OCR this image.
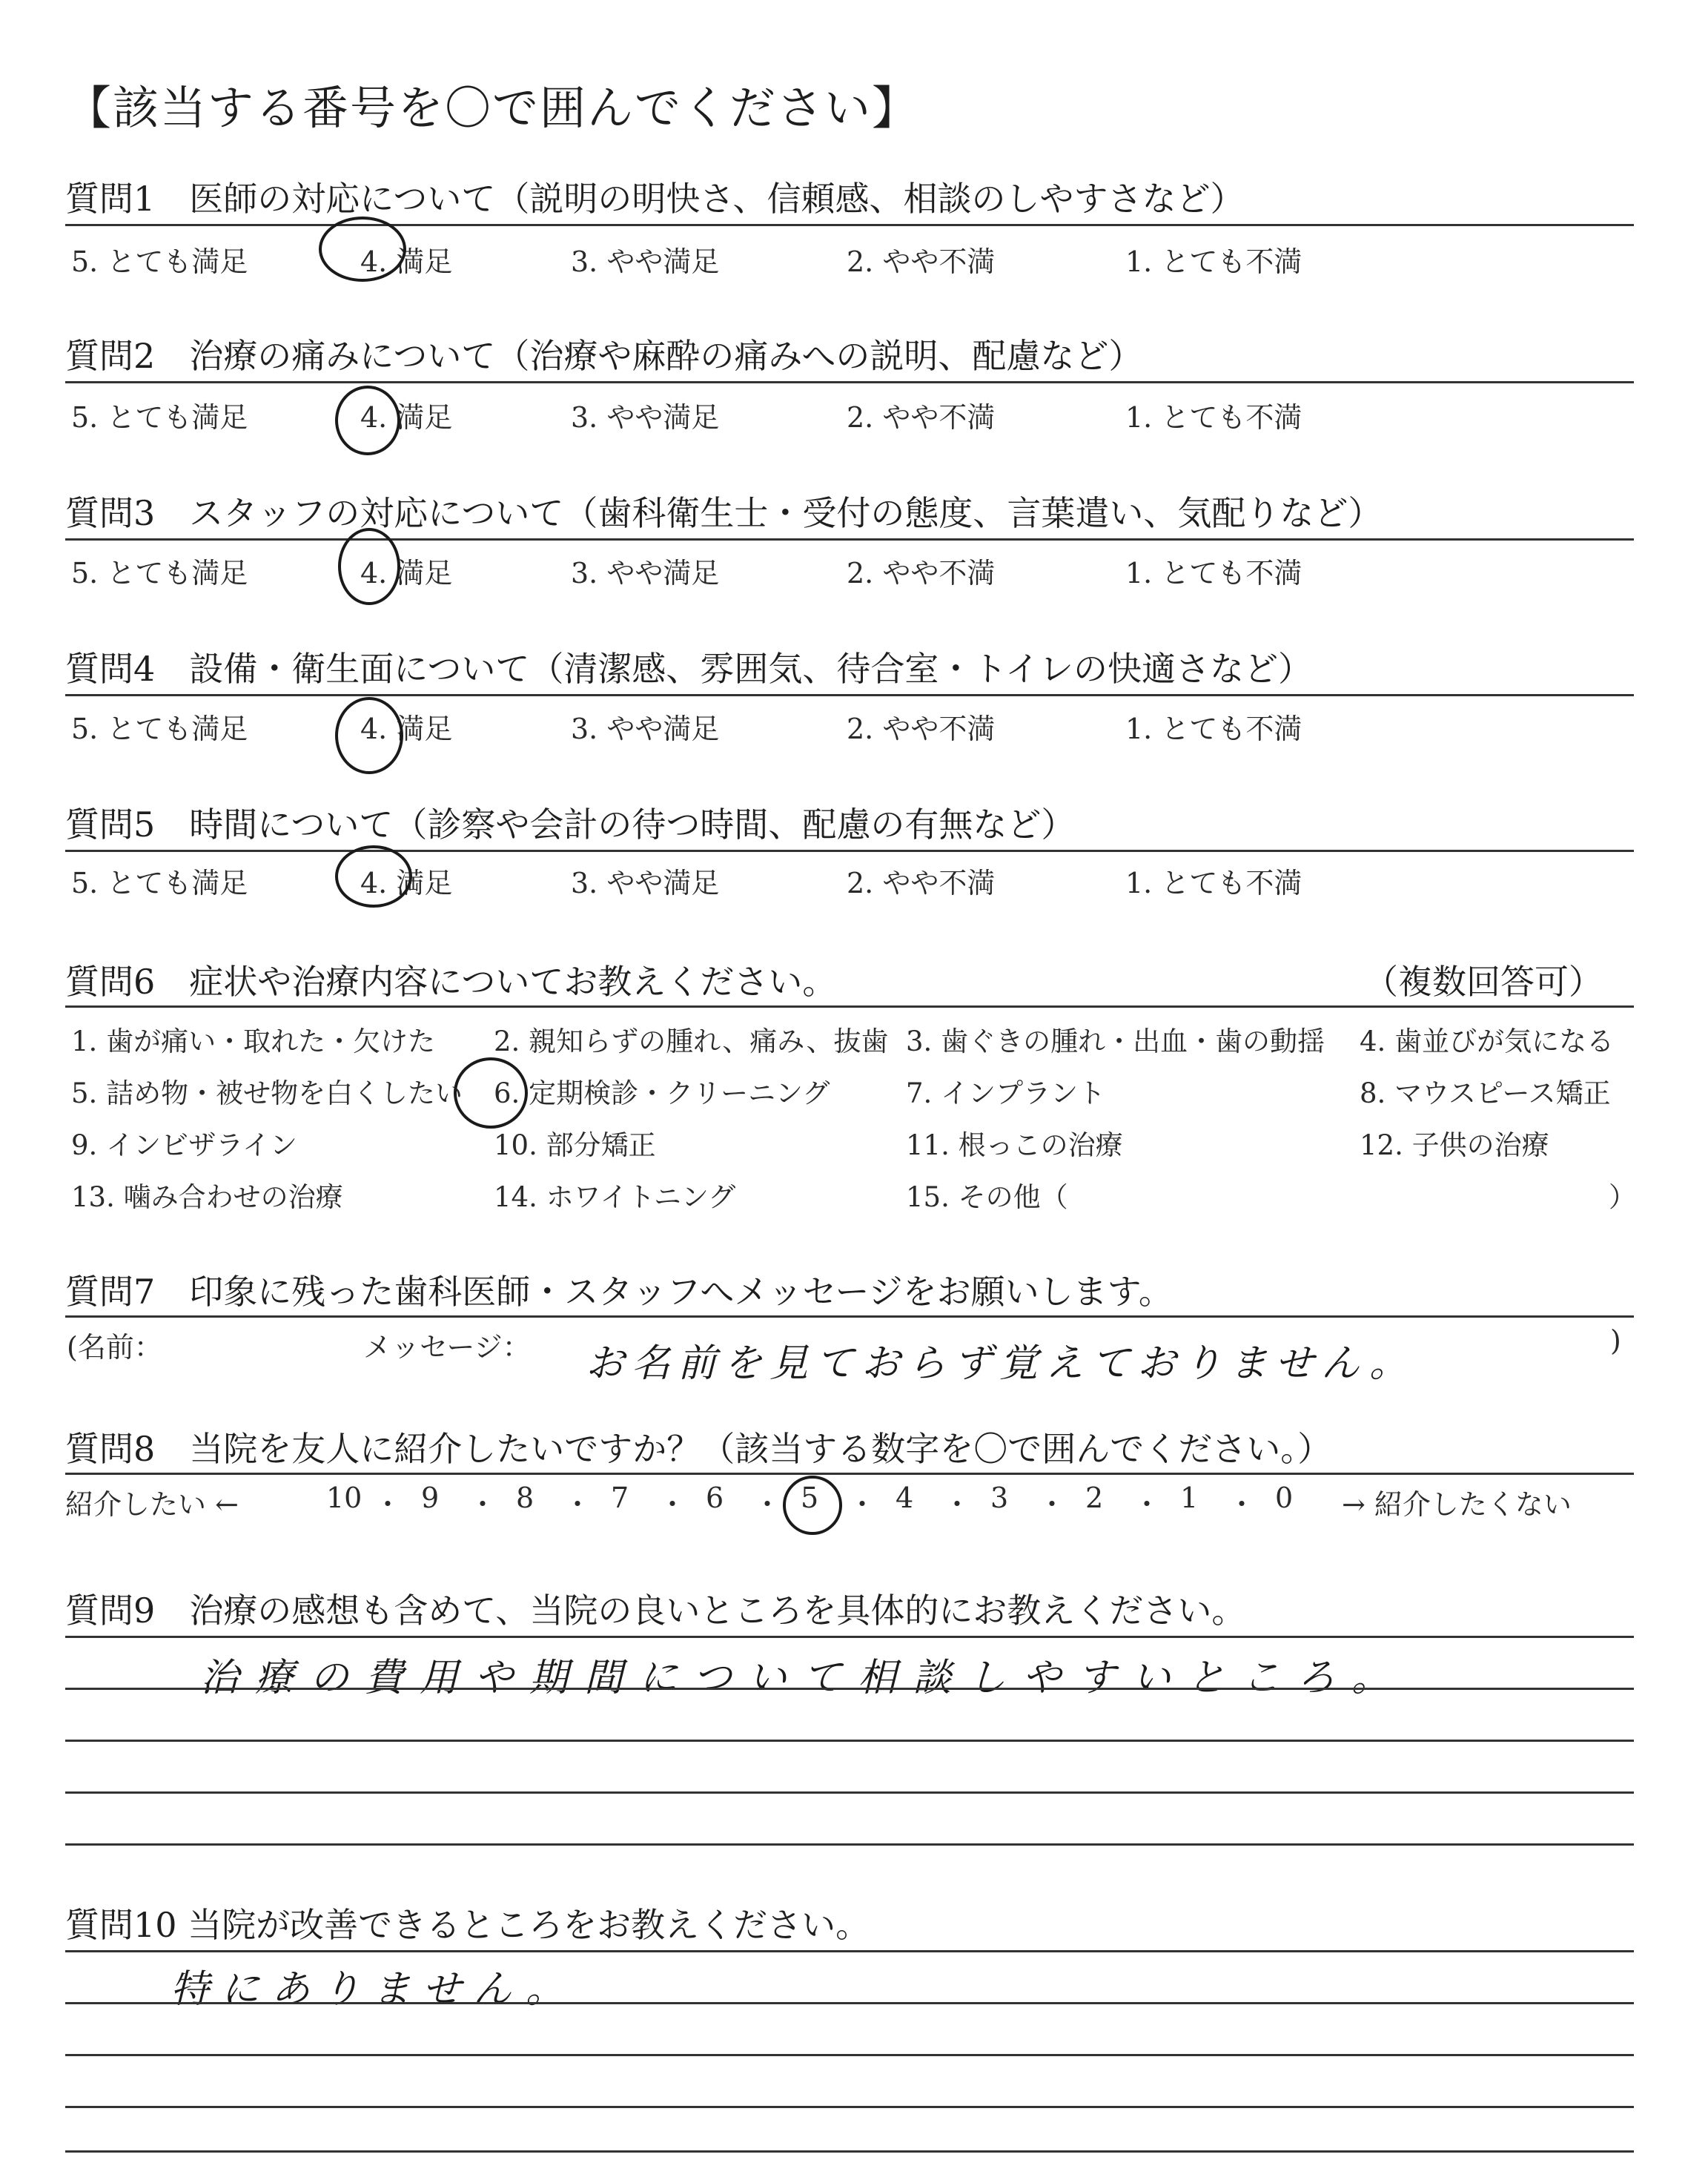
【該当する番号を〇で囲んでください】
質問1　医師の対応について（説明の明快さ、信頼感、相談のしやすさなど）
5. とても満足	4. 満足	3. やや満足	2. やや不満	1. とても不満
質問2　治療の痛みについて（治療や麻酔の痛みへの説明、配慮など）
5. とても満足	4. 満足	3. やや満足	2. やや不満	1. とても不満
質問3　スタッフの対応について（歯科衛生士・受付の態度、言葉遣い、気配りなど）
5. とても満足	4. 満足	3. やや満足	2. やや不満	1. とても不満
質問4　設備・衛生面について（清潔感、雰囲気、待合室・トイレの快適さなど）
5. とても満足	4. 満足	3. やや満足	2. やや不満	1. とても不満
質問5　時間について（診察や会計の待つ時間、配慮の有無など）
5. とても満足	4. 満足	3. やや満足	2. やや不満	1. とても不満
質問6　症状や治療内容についてお教えください。	（複数回答可）
1. 歯が痛い・取れた・欠けた 2. 親知らずの腫れ、痛み、抜歯 3. 歯ぐきの腫れ・出血・歯の動揺 4. 歯並びが気になる
5. 詰め物・被せ物を白くしたい 6. 定期検診・クリーニング	7. インプラント	8. マウスピース矯正
9. インビザライン	10. 部分矯正	11. 根っこの治療	12. 子供の治療
13. 噛み合わせの治療	14. ホワイトニング	15. その他（	）
質問7　印象に残った歯科医師・スタッフへメッセージをお願いします。
(名前：	メッセージ： お名前を見ておらず覚えておりません。
)
質問8　当院を友人に紹介したいですか？（該当する数字を〇で囲んでください。）
紹介したい ←	10 ・ 9 ・ 8 ・ 7 ・ 6 ・ 5 ・ 4 ・ 3 ・ 2 ・ 1 ・ 0 → 紹介したくない
質問9　治療の感想も含めて、当院の良いところを具体的にお教えください。
治療の費用や期間について相談しやすいところ。
質問10 当院が改善できるところをお教えください。
特にありません。
